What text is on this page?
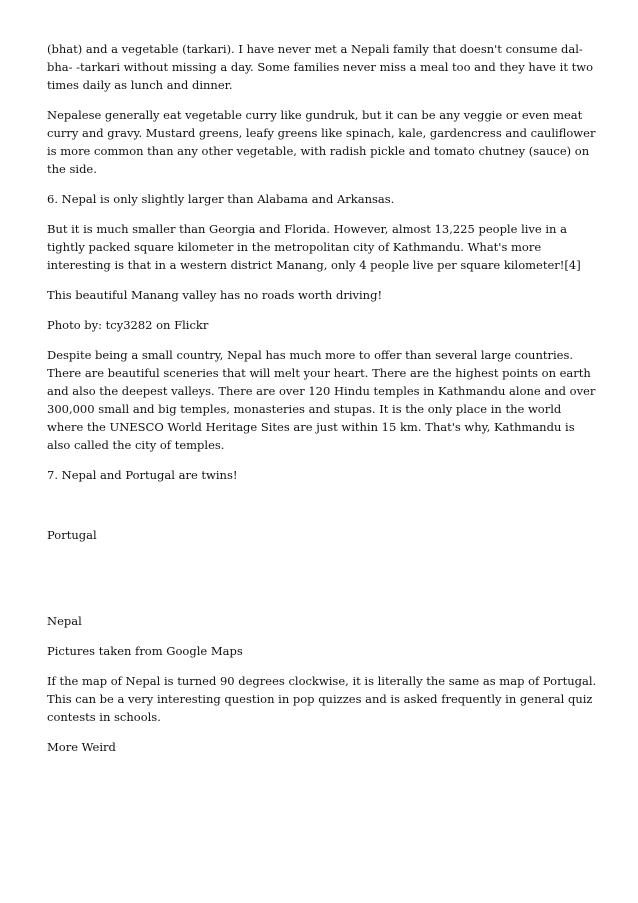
(bhat) and a vegetable (tarkari). I have never met a Nepali family that doesn't consume dal-bha- -tarkari without missing a day. Some families never miss a meal too and they have it two times daily as lunch and dinner.

Nepalese generally eat vegetable curry like gundruk, but it can be any veggie or even meat curry and gravy. Mustard greens, leafy greens like spinach, kale, gardencress and cauliflower is more common than any other vegetable, with radish pickle and tomato chutney (sauce) on the side.

6. Nepal is only slightly larger than Alabama and Arkansas.

But it is much smaller than Georgia and Florida. However, almost 13,225 people live in a tightly packed square kilometer in the metropolitan city of Kathmandu. What's more interesting is that in a western district Manang, only 4 people live per square kilometer![4]

This beautiful Manang valley has no roads worth driving!

Photo by: tcy3282 on Flickr

Despite being a small country, Nepal has much more to offer than several large countries. There are beautiful sceneries that will melt your heart. There are the highest points on earth and also the deepest valleys. There are over 120 Hindu temples in Kathmandu alone and over 300,000 small and big temples, monasteries and stupas. It is the only place in the world where the UNESCO World Heritage Sites are just within 15 km. That's why, Kathmandu is also called the city of temples.

7. Nepal and Portugal are twins!

Portugal

Nepal

Pictures taken from Google Maps

If the map of Nepal is turned 90 degrees clockwise, it is literally the same as map of Portugal. This can be a very interesting question in pop quizzes and is asked frequently in general quiz contests in schools.

More Weird
